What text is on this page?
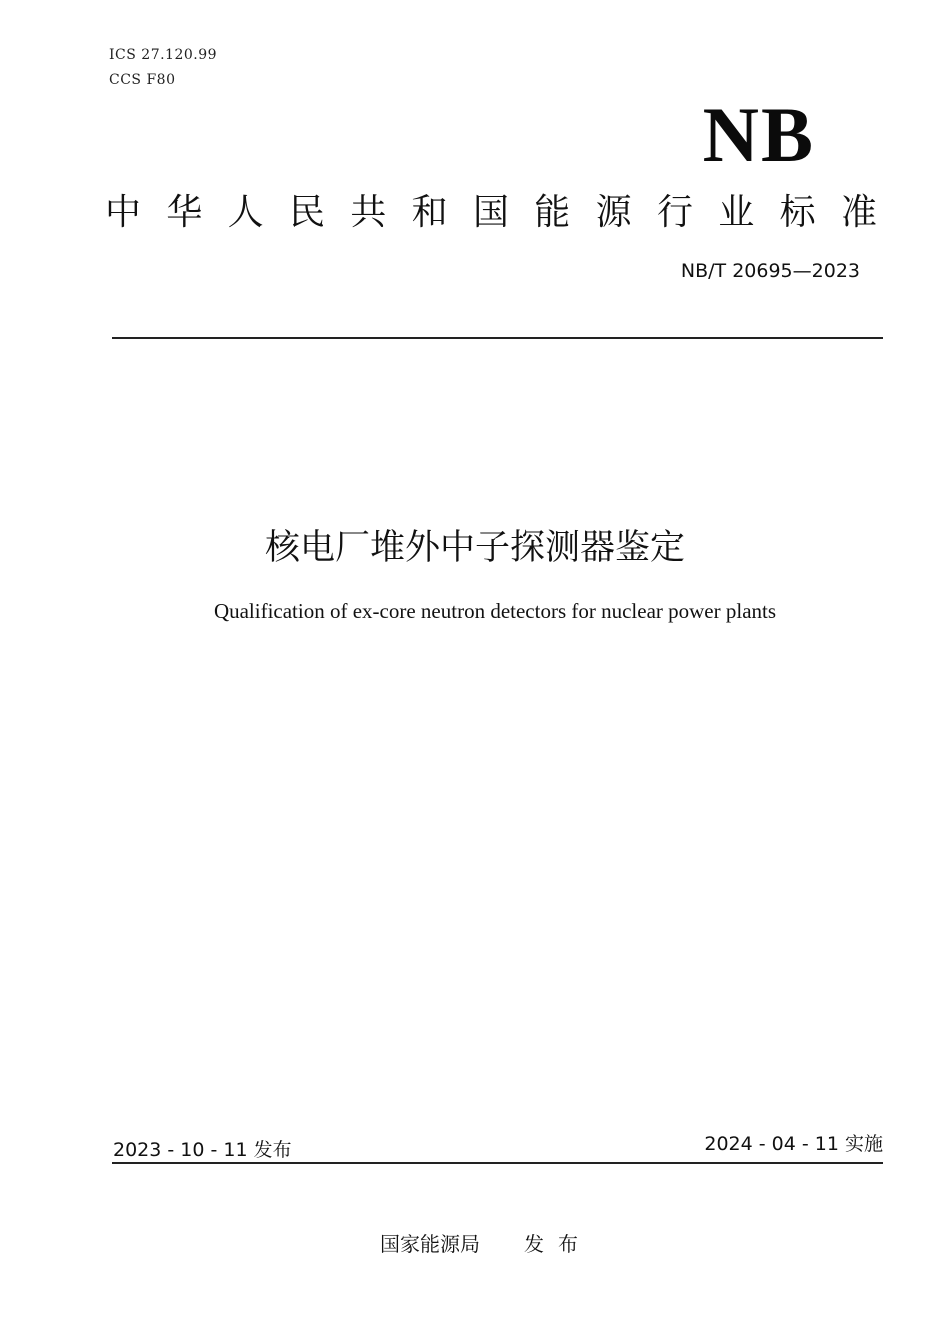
ICS 27.120.99
CCS F80
NB
中 华 人 民 共 和 国 能 源 行 业 标 准
NB/T 20695—2023
核电厂堆外中子探测器鉴定
Qualification of ex-core neutron detectors for nuclear power plants
2023 - 10 - 11 发布	2024 - 04 - 11 实施
国家能源局 发布
